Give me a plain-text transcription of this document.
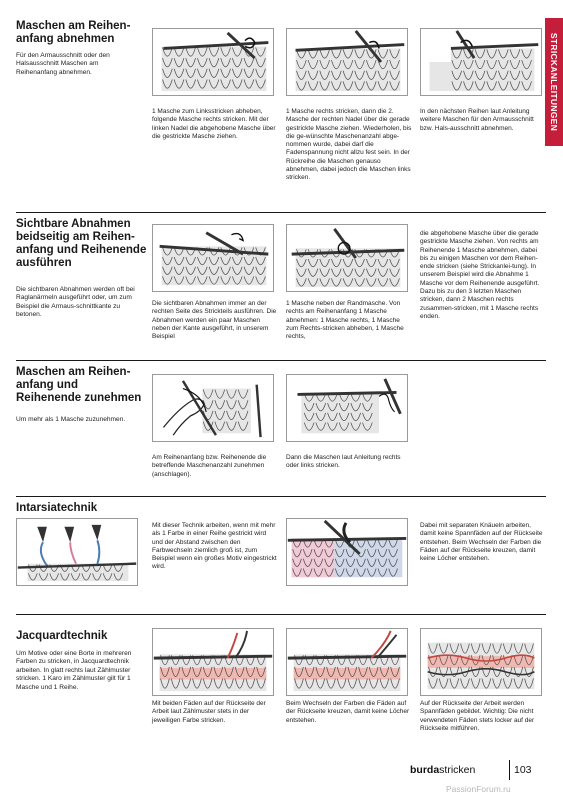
STRICKANLEITUNGEN
Maschen am Reihen-
anfang abnehmen
Für den Armausschnitt oder den Halsausschnitt Maschen am Reihenanfang abnehmen.
1 Masche zum Linksstricken abheben, folgende Masche rechts stricken. Mit der linken Nadel die abgehobene Masche über die gestrickte Masche ziehen.
1 Masche rechts stricken, dann die 2. Masche der rechten Nadel über die gerade gestrickte Masche ziehen. Wiederholen, bis die ge-wünschte Maschenanzahl abge-nommen wurde, dabei darf die Fadenspannung nicht allzu fest sein. In der Rückreihe die Maschen genauso abnehmen, dabei jedoch die Maschen links stricken.
In den nächsten Reihen laut Anleitung weitere Maschen für den Armausschnitt bzw. Hals-ausschnitt abnehmen.
Sichtbare Abnahmen beidseitig am Reihen-anfang und Reihenende ausführen
Die sichtbaren Abnahmen werden oft bei Raglanärmeln ausgeführt oder, um zum Beispiel die Armaus-schnittkante zu betonen.
Die sichtbaren Abnahmen immer an der rechten Seite des Strickteils ausführen. Die Abnahmen werden ein paar Maschen neben der Kante ausgeführt, in unserem Beispiel
1 Masche neben der Randmasche. Von rechts am Reihenanfang 1 Masche abnehmen: 1 Masche rechts, 1 Masche zum Rechts-stricken abheben, 1 Masche rechts,
die abgehobene Masche über die gerade gestrickte Masche ziehen. Von rechts am Reihenende 1 Masche abnehmen, dabei bis zu einigen Maschen vor dem Reihen-ende stricken (siehe Strickanlei-tung). In unserem Beispiel wird die Abnahme 1 Masche vor dem Reihenende ausgeführt. Dazu bis zu den 3 letzten Maschen stricken, dann 2 Maschen rechts zusammen-stricken, mit 1 Masche rechts enden.
Maschen am Reihen-anfang und Reihenende zunehmen
Um mehr als 1 Masche zuzunehmen.
Am Reihenanfang bzw. Reihenende die betreffende Maschenanzahl zunehmen (anschlagen).
Dann die Maschen laut Anleitung rechts oder links stricken.
Intarsiatechnik
Mit dieser Technik arbeiten, wenn mit mehr als 1 Farbe in einer Reihe gestrickt wird und der Abstand zwischen den Farbwechseln ziemlich groß ist, zum Beispiel wenn ein großes Motiv eingestrickt wird.
Dabei mit separaten Knäueln arbeiten, damit keine Spannfäden auf der Rückseite entstehen. Beim Wechseln der Farben die Fäden auf der Rückseite kreuzen, damit keine Löcher entstehen.
Jacquardtechnik
Um Motive oder eine Borte in mehreren Farben zu stricken, in Jacquardtechnik arbeiten. In glatt rechts laut Zählmuster stricken. 1 Karo im Zählmuster gilt für 1 Masche und 1 Reihe.
Mit beiden Fäden auf der Rückseite der Arbeit laut Zählmuster stets in der jeweiligen Farbe stricken.
Beim Wechseln der Farben die Fäden auf der Rückseite kreuzen, damit keine Löcher entstehen.
Auf der Rückseite der Arbeit werden Spannfäden gebildet. Wichtig: Die nicht verwendeten Fäden stets locker auf der Rückseite mitführen.
burdastricken	103
PassionForum.ru
